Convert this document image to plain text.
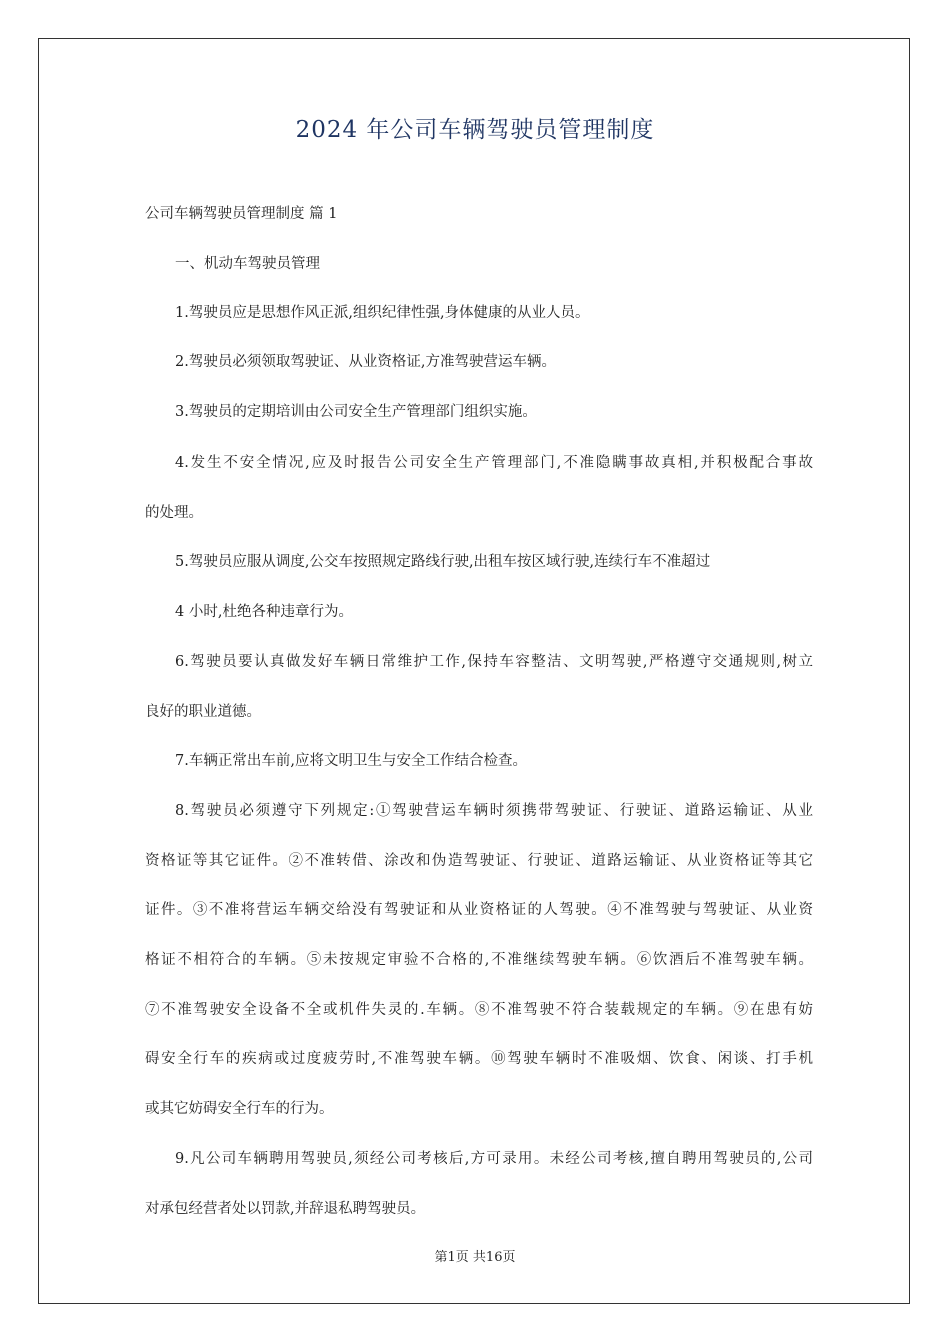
2024 年公司车辆驾驶员管理制度
公司车辆驾驶员管理制度 篇 1
一、机动车驾驶员管理
1.驾驶员应是思想作风正派,组织纪律性强,身体健康的从业人员。
2.驾驶员必须领取驾驶证、从业资格证,方准驾驶营运车辆。
3.驾驶员的定期培训由公司安全生产管理部门组织实施。
4.发生不安全情况,应及时报告公司安全生产管理部门,不准隐瞒事故真相,并积极配合事故
的处理。
5.驾驶员应服从调度,公交车按照规定路线行驶,出租车按区域行驶,连续行车不准超过
4 小时,杜绝各种违章行为。
6.驾驶员要认真做发好车辆日常维护工作,保持车容整洁、文明驾驶,严格遵守交通规则,树立
良好的职业道德。
7.车辆正常出车前,应将文明卫生与安全工作结合检查。
8.驾驶员必须遵守下列规定:①驾驶营运车辆时须携带驾驶证、行驶证、道路运输证、从业
资格证等其它证件。②不准转借、涂改和伪造驾驶证、行驶证、道路运输证、从业资格证等其它
证件。③不准将营运车辆交给没有驾驶证和从业资格证的人驾驶。④不准驾驶与驾驶证、从业资
格证不相符合的车辆。⑤未按规定审验不合格的,不准继续驾驶车辆。⑥饮酒后不准驾驶车辆。
⑦不准驾驶安全设备不全或机件失灵的.车辆。⑧不准驾驶不符合装载规定的车辆。⑨在患有妨
碍安全行车的疾病或过度疲劳时,不准驾驶车辆。⑩驾驶车辆时不准吸烟、饮食、闲谈、打手机
或其它妨碍安全行车的行为。
9.凡公司车辆聘用驾驶员,须经公司考核后,方可录用。未经公司考核,擅自聘用驾驶员的,公司
对承包经营者处以罚款,并辞退私聘驾驶员。
第1页 共16页
